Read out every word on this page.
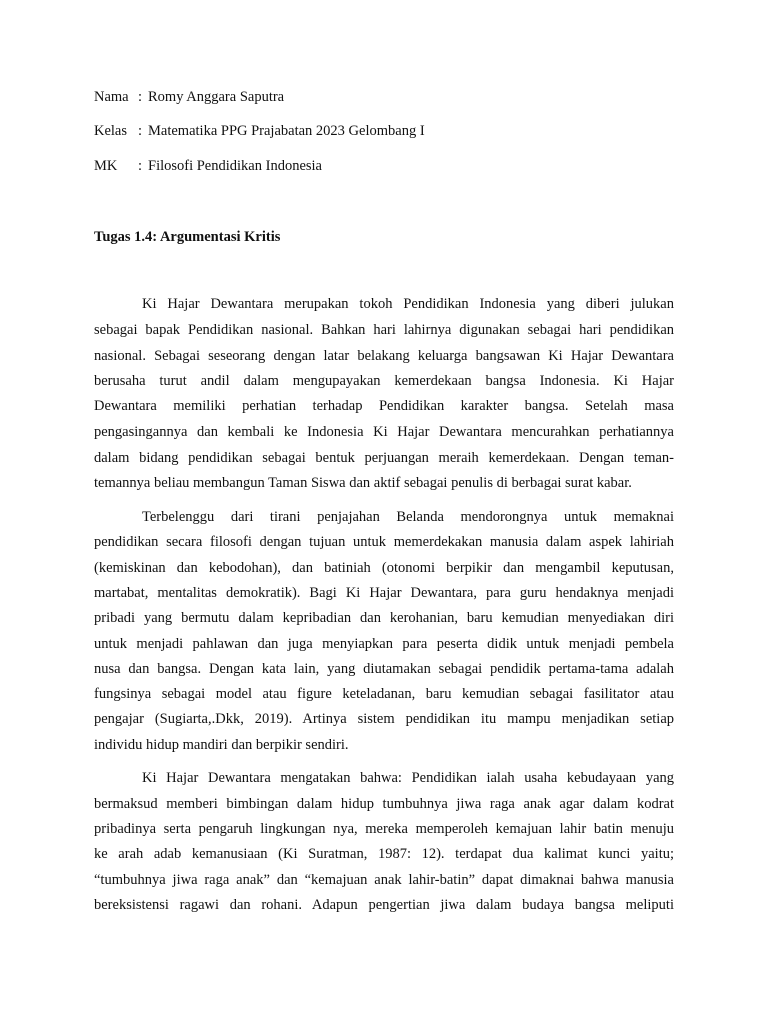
Nama : Romy Anggara Saputra
Kelas : Matematika PPG Prajabatan 2023 Gelombang I
MK : Filosofi Pendidikan Indonesia
Tugas 1.4: Argumentasi Kritis
Ki Hajar Dewantara merupakan tokoh Pendidikan Indonesia yang diberi julukan
sebagai bapak Pendidikan nasional. Bahkan hari lahirnya digunakan sebagai hari pendidikan
nasional. Sebagai seseorang dengan latar belakang keluarga bangsawan Ki Hajar Dewantara
berusaha turut andil dalam mengupayakan kemerdekaan bangsa Indonesia. Ki Hajar
Dewantara memiliki perhatian terhadap Pendidikan karakter bangsa. Setelah masa
pengasingannya dan kembali ke Indonesia Ki Hajar Dewantara mencurahkan perhatiannya
dalam bidang pendidikan sebagai bentuk perjuangan meraih kemerdekaan. Dengan teman-
temannya beliau membangun Taman Siswa dan aktif sebagai penulis di berbagai surat kabar.
Terbelenggu dari tirani penjajahan Belanda mendorongnya untuk memaknai
pendidikan secara filosofi dengan tujuan untuk memerdekakan manusia dalam aspek lahiriah
(kemiskinan dan kebodohan), dan batiniah (otonomi berpikir dan mengambil keputusan,
martabat, mentalitas demokratik). Bagi Ki Hajar Dewantara, para guru hendaknya menjadi
pribadi yang bermutu dalam kepribadian dan kerohanian, baru kemudian menyediakan diri
untuk menjadi pahlawan dan juga menyiapkan para peserta didik untuk menjadi pembela
nusa dan bangsa. Dengan kata lain, yang diutamakan sebagai pendidik pertama-tama adalah
fungsinya sebagai model atau figure keteladanan, baru kemudian sebagai fasilitator atau
pengajar (Sugiarta,.Dkk, 2019). Artinya sistem pendidikan itu mampu menjadikan setiap
individu hidup mandiri dan berpikir sendiri.
Ki Hajar Dewantara mengatakan bahwa: Pendidikan ialah usaha kebudayaan yang
bermaksud memberi bimbingan dalam hidup tumbuhnya jiwa raga anak agar dalam kodrat
pribadinya serta pengaruh lingkungan nya, mereka memperoleh kemajuan lahir batin menuju
ke arah adab kemanusiaan (Ki Suratman, 1987: 12). terdapat dua kalimat kunci yaitu;
“tumbuhnya jiwa raga anak” dan “kemajuan anak lahir-batin” dapat dimaknai bahwa manusia
bereksistensi ragawi dan rohani. Adapun pengertian jiwa dalam budaya bangsa meliputi
